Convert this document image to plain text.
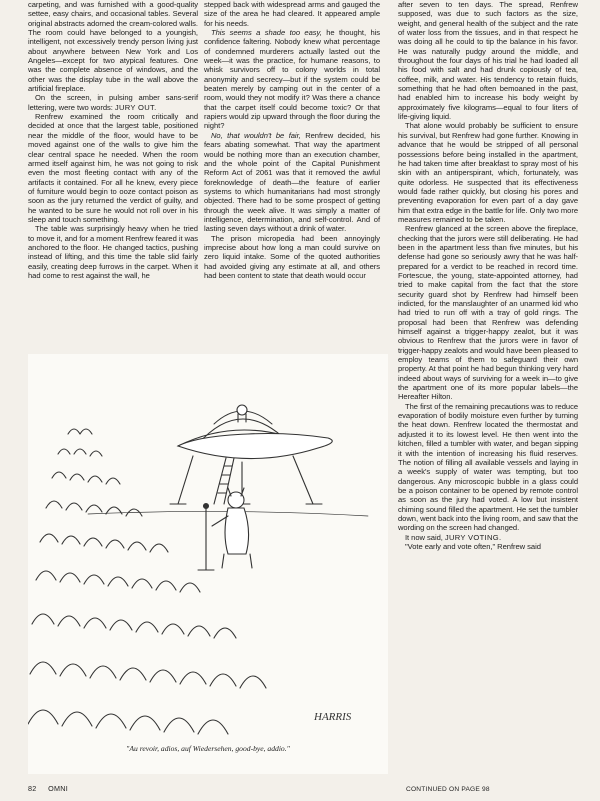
carpeting, and was furnished with a good-quality settee, easy chairs, and occasional tables. Several original abstracts adorned the cream-colored walls. The room could have belonged to a youngish, intelligent, not excessively trendy person living just about anywhere between New York and Los Angeles—except for two atypical features. One was the complete absence of windows, and the other was the display tube in the wall above the artificial fireplace.

On the screen, in pulsing amber sans-serif lettering, were two words: JURY OUT.

Renfrew examined the room critically and decided at once that the largest table, positioned near the middle of the floor, would have to be moved against one of the walls to give him the clear central space he needed. When the room armed itself against him, he was not going to risk even the most fleeting contact with any of the artifacts it contained. For all he knew, every piece of furniture would begin to ooze contact poison as soon as the jury returned the verdict of guilty, and he wanted to be sure he would not roll over in his sleep and touch something.

The table was surprisingly heavy when he tried to move it, and for a moment Renfrew feared it was anchored to the floor. He changed tactics, pushing instead of lifting, and this time the table slid fairly easily, creating deep furrows in the carpet. When it had come to rest against the wall, he

stepped back with widespread arms and gauged the size of the area he had cleared. It appeared ample for his needs.

This seems a shade too easy, he thought, his confidence faltering. Nobody knew what percentage of condemned murderers actually lasted out the week—it was the practice, for humane reasons, to whisk survivors off to colony worlds in total anonymity and secrecy—but if the system could be beaten merely by camping out in the center of a room, would they not modify it? Was there a chance that the carpet itself could become toxic? Or that rapiers would zip upward through the floor during the night?

No, that wouldn't be fair, Renfrew decided, his fears abating somewhat. That way the apartment would be nothing more than an execution chamber, and the whole point of the Capital Punishment Reform Act of 2061 was that it removed the awful foreknowledge of death—the feature of earlier systems to which humanitarians had most strongly objected. There had to be some prospect of getting through the week alive. It was simply a matter of intelligence, determination, and self-control. And of lasting seven days without a drink of water.

The prison micropedia had been annoyingly imprecise about how long a man could survive on zero liquid intake. Some of the quoted authorities had avoided giving any estimate at all, and others had been content to state that death would occur

after seven to ten days. The spread, Renfrew supposed, was due to such factors as the size, weight, and general health of the subject and the rate of water loss from the tissues, and in that respect he was doing all he could to tip the balance in his favor. He was naturally pudgy around the middle, and throughout the four days of his trial he had loaded all his food with salt and had drunk copiously of tea, coffee, milk, and water. His tendency to retain fluids, something that he had often bemoaned in the past, had enabled him to increase his body weight by approximately five kilograms—equal to four liters of life-giving liquid.

That alone would probably be sufficient to ensure his survival, but Renfrew had gone further. Knowing in advance that he would be stripped of all personal possessions before being installed in the apartment, he had taken time after breakfast to spray most of his skin with an antiperspirant, which, fortunately, was quite odorless. He suspected that its effectiveness would fade rather quickly, but closing his pores and preventing evaporation for even part of a day gave him that extra edge in the battle for life. Only two more measures remained to be taken.

Renfrew glanced at the screen above the fireplace, checking that the jurors were still deliberating. He had been in the apartment less than five minutes, but his defense had gone so seriously awry that he was half-prepared for a verdict to be reached in record time. Fortescue, the young, state-appointed attorney, had tried to make capital from the fact that the store security guard shot by Renfrew had himself been indicted, for the manslaughter of an unarmed kid who had tried to run off with a tray of gold rings. The proposal had been that Renfrew was defending himself against a trigger-happy zealot, but it was obvious to Renfrew that the jurors were in favor of trigger-happy zealots and would have been pleased to employ teams of them to safeguard their own property. At that point he had begun thinking very hard indeed about ways of surviving for a week in—to give the apartment one of its more popular labels—the Hereafter Hilton.

The first of the remaining precautions was to reduce evaporation of bodily moisture even further by turning the heat down. Renfrew located the thermostat and adjusted it to its lowest level. He then went into the kitchen, filled a tumbler with water, and began sipping it with the intention of increasing his fluid reserves. The notion of filling all available vessels and laying in a week's supply of water was tempting, but too dangerous. Any microscopic bubble in a glass could be a poison container to be opened by remote control as soon as the jury had voted. A low but insistent chiming sound filled the apartment. He set the tumbler down, went back into the living room, and saw that the wording on the screen had changed.

It now said, JURY VOTING.

"Vote early and vote often," Renfrew said

HARRIS
"Au revoir, adios, auf Wiedersehen, good-bye, addio."
82 OMNI	CONTINUED ON PAGE 98
